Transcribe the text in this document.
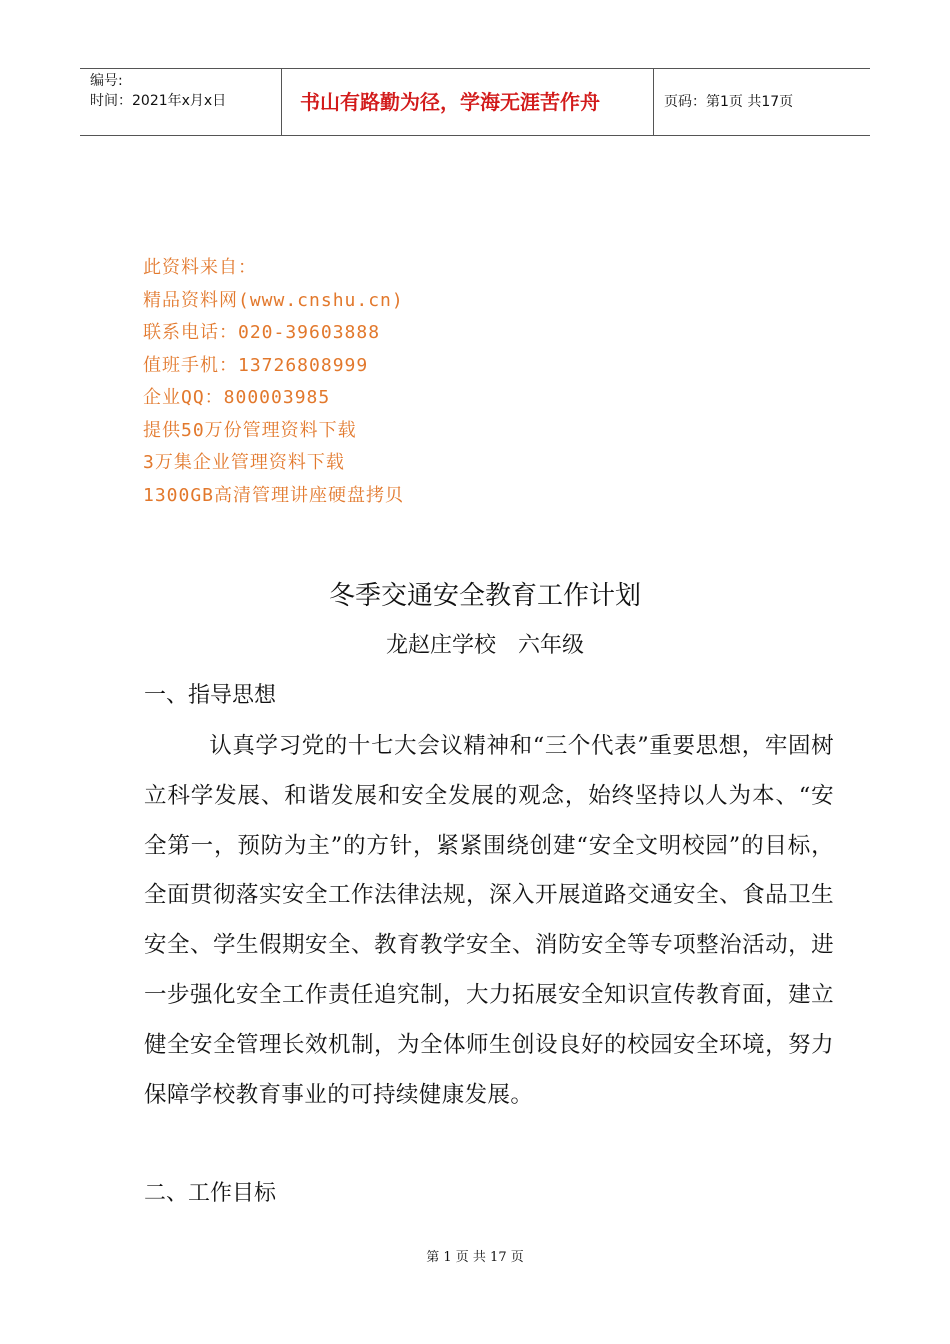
编号:
时间：2021年x月x日	书山有路勤为径，学海无涯苦作舟	页码：第1页 共17页
此资料来自：
精品资料网(www.cnshu.cn)
联系电话：020-39603888
值班手机：13726808999
企业QQ：800003985
提供50万份管理资料下载
3万集企业管理资料下载
1300GB高清管理讲座硬盘拷贝
冬季交通安全教育工作计划
龙赵庄学校　六年级
一、指导思想
认真学习党的十七大会议精神和“三个代表”重要思想，牢固树立科学发展、和谐发展和安全发展的观念，始终坚持以人为本、“安全第一，预防为主”的方针，紧紧围绕创建“安全文明校园”的目标，全面贯彻落实安全工作法律法规，深入开展道路交通安全、食品卫生安全、学生假期安全、教育教学安全、消防安全等专项整治活动，进一步强化安全工作责任追究制，大力拓展安全知识宣传教育面，建立健全安全管理长效机制，为全体师生创设良好的校园安全环境，努力保障学校教育事业的可持续健康发展。
二、工作目标
第 1 页 共 17 页
